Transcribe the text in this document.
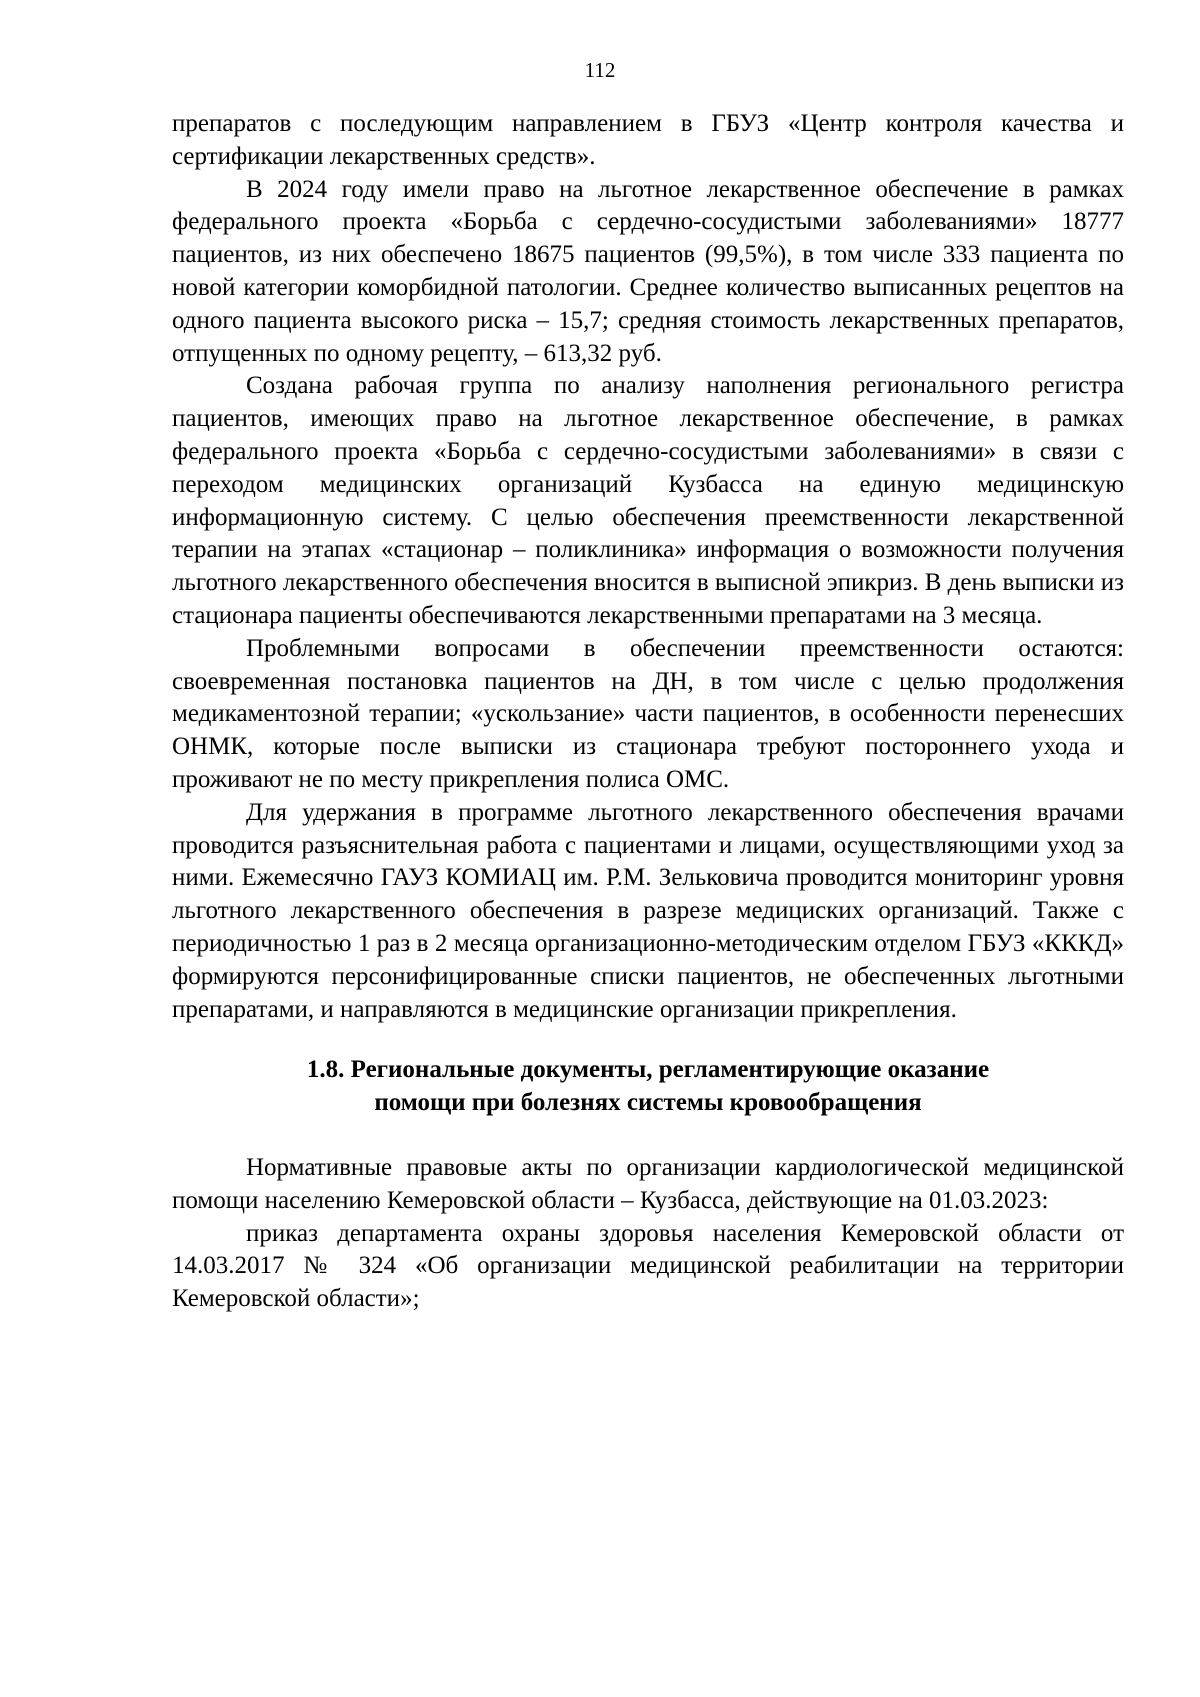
112

препаратов с последующим направлением в ГБУЗ «Центр контроля качества и сертификации лекарственных средств».

В 2024 году имели право на льготное лекарственное обеспечение в рамках федерального проекта «Борьба с сердечно-сосудистыми заболеваниями» 18777 пациентов, из них обеспечено 18675 пациентов (99,5%), в том числе 333 пациента по новой категории коморбидной патологии. Среднее количество выписанных рецептов на одного пациента высокого риска – 15,7; средняя стоимость лекарственных препаратов, отпущенных по одному рецепту, – 613,32 руб.

Создана рабочая группа по анализу наполнения регионального регистра пациентов, имеющих право на льготное лекарственное обеспечение, в рамках федерального проекта «Борьба с сердечно-сосудистыми заболеваниями» в связи с переходом медицинских организаций Кузбасса на единую медицинскую информационную систему. С целью обеспечения преемственности лекарственной терапии на этапах «стационар – поликлиника» информация о возможности получения льготного лекарственного обеспечения вносится в выписной эпикриз. В день выписки из стационара пациенты обеспечиваются лекарственными препаратами на 3 месяца.

Проблемными вопросами в обеспечении преемственности остаются: своевременная постановка пациентов на ДН, в том числе с целью продолжения медикаментозной терапии; «ускользание» части пациентов, в особенности перенесших ОНМК, которые после выписки из стационара требуют постороннего ухода и проживают не по месту прикрепления полиса ОМС.

Для удержания в программе льготного лекарственного обеспечения врачами проводится разъяснительная работа с пациентами и лицами, осуществляющими уход за ними. Ежемесячно ГАУЗ КОМИАЦ им. Р.М. Зельковича проводится мониторинг уровня льготного лекарственного обеспечения в разрезе медициских организаций. Также с периодичностью 1 раз в 2 месяца организационно-методическим отделом ГБУЗ «КККД» формируются персонифицированные списки пациентов, не обеспеченных льготными препаратами, и направляются в медицинские организации прикрепления.

1.8. Региональные документы, регламентирующие оказание
помощи при болезнях системы кровообращения

Нормативные правовые акты по организации кардиологической медицинской помощи населению Кемеровской области – Кузбасса, действующие на 01.03.2023:

приказ департамента охраны здоровья населения Кемеровской области от 14.03.2017 № 324 «Об организации медицинской реабилитации на территории Кемеровской области»;
